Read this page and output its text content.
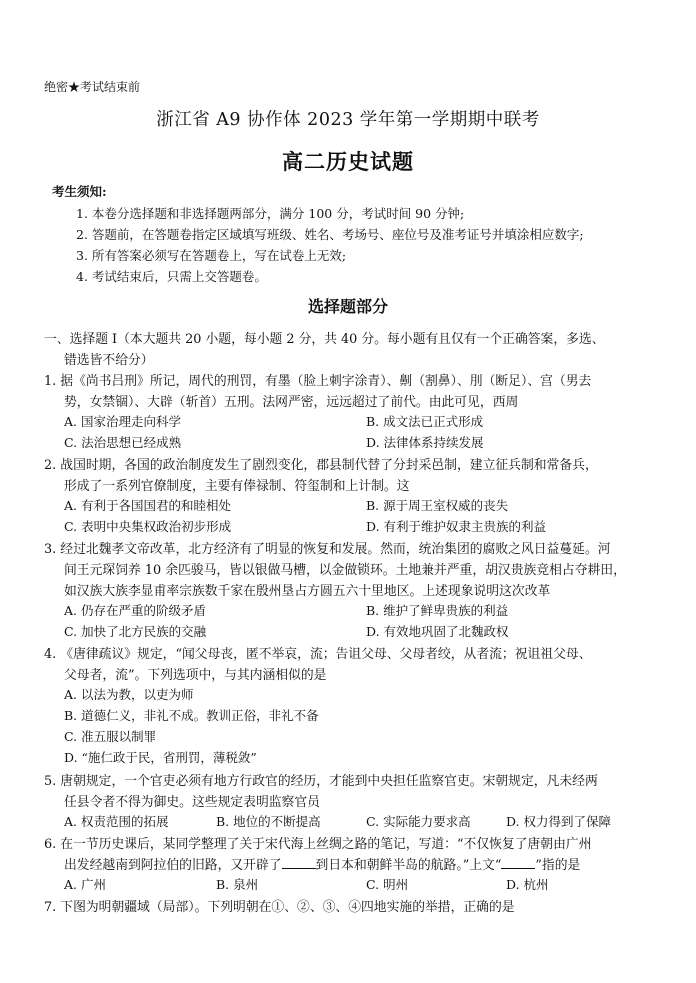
绝密★考试结束前
浙江省 A9 协作体 2023 学年第一学期期中联考
高二历史试题
考生须知:
1. 本卷分选择题和非选择题两部分，满分 100 分，考试时间 90 分钟;
2. 答题前，在答题卷指定区域填写班级、姓名、考场号、座位号及准考证号并填涂相应数字;
3. 所有答案必须写在答题卷上，写在试卷上无效;
4. 考试结束后，只需上交答题卷。
选择题部分
一、选择题 Ⅰ（本大题共 20 小题，每小题 2 分，共 40 分。每小题有且仅有一个正确答案，多选、
错选皆不给分）
1. 据《尚书吕刑》所记，周代的刑罚，有墨（脸上刺字涂青）、劓（割鼻）、刖（断足）、宫（男去
势，女禁锢）、大辟（斩首）五刑。法网严密，远远超过了前代。由此可见，西周
A. 国家治理走向科学	B. 成文法已正式形成
C. 法治思想已经成熟	D. 法律体系持续发展
2. 战国时期，各国的政治制度发生了剧烈变化，郡县制代替了分封采邑制，建立征兵制和常备兵，
形成了一系列官僚制度，主要有俸禄制、符玺制和上计制。这
A. 有利于各国国君的和睦相处	B. 源于周王室权威的丧失
C. 表明中央集权政治初步形成	D. 有利于维护奴隶主贵族的利益
3. 经过北魏孝文帝改革，北方经济有了明显的恢复和发展。然而，统治集团的腐败之风日益蔓延。河
间王元琛饲养 10 余匹骏马，皆以银做马槽，以金做锁环。土地兼并严重，胡汉贵族竞相占夺耕田，
如汉族大族李显甫率宗族数千家在殷州垦占方圆五六十里地区。上述现象说明这次改革
A. 仍存在严重的阶级矛盾	B. 维护了鲜卑贵族的利益
C. 加快了北方民族的交融	D. 有效地巩固了北魏政权
4. 《唐律疏议》规定，“闻父母丧，匿不举哀，流；告诅父母、父母者绞，从者流；祝诅祖父母、
父母者，流”。下列选项中，与其内涵相似的是
A. 以法为教，以吏为师
B. 道德仁义，非礼不成。教训正俗，非礼不备
C. 准五服以制罪
D. “施仁政于民，省刑罚，薄税敛”
5. 唐朝规定，一个官吏必须有地方行政官的经历，才能到中央担任监察官吏。宋朝规定，凡未经两
任县令者不得为御史。这些规定表明监察官员
A. 权责范围的拓展	B. 地位的不断提高	C. 实际能力要求高	D. 权力得到了保障
6. 在一节历史课后，某同学整理了关于宋代海上丝绸之路的笔记，写道：“不仅恢复了唐朝由广州
出发经越南到阿拉伯的旧路，又开辟了	到日本和朝鲜半岛的航路。”上文“	”指的是
A. 广州	B. 泉州	C. 明州	D. 杭州
7. 下图为明朝疆域（局部）。下列明朝在①、②、③、④四地实施的举措，正确的是
